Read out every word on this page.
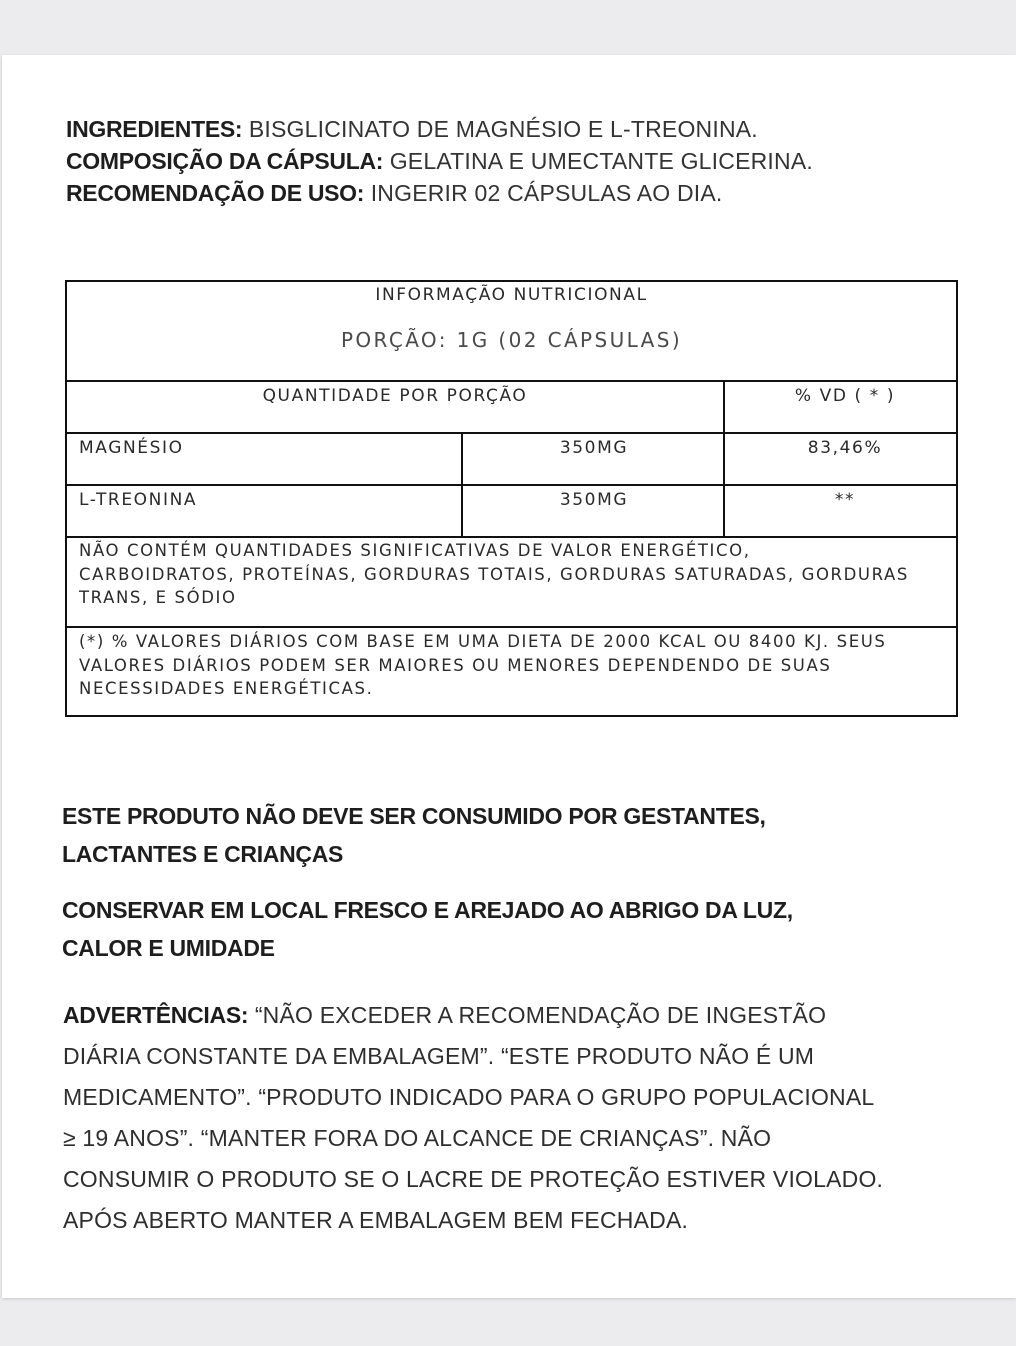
INGREDIENTES: BISGLICINATO DE MAGNÉSIO E L-TREONINA.
COMPOSIÇÃO DA CÁPSULA: GELATINA E UMECTANTE GLICERINA.
RECOMENDAÇÃO DE USO: INGERIR 02 CÁPSULAS AO DIA.
INFORMAÇÃO NUTRICIONAL
PORÇÃO: 1G (02 CÁPSULAS)
QUANTIDADE POR PORÇÃO	% VD ( * )
MAGNÉSIO	350MG	83,46%
L-TREONINA	350MG	**
NÃO CONTÉM QUANTIDADES SIGNIFICATIVAS DE VALOR ENERGÉTICO,
CARBOIDRATOS, PROTEÍNAS, GORDURAS TOTAIS, GORDURAS SATURADAS, GORDURAS
TRANS, E SÓDIO
(*) % VALORES DIÁRIOS COM BASE EM UMA DIETA DE 2000 KCAL OU 8400 KJ. SEUS
VALORES DIÁRIOS PODEM SER MAIORES OU MENORES DEPENDENDO DE SUAS
NECESSIDADES ENERGÉTICAS.
ESTE PRODUTO NÃO DEVE SER CONSUMIDO POR GESTANTES,
LACTANTES E CRIANÇAS
CONSERVAR EM LOCAL FRESCO E AREJADO AO ABRIGO DA LUZ,
CALOR E UMIDADE
ADVERTÊNCIAS: “NÃO EXCEDER A RECOMENDAÇÃO DE INGESTÃO
DIÁRIA CONSTANTE DA EMBALAGEM”. “ESTE PRODUTO NÃO É UM
MEDICAMENTO”. “PRODUTO INDICADO PARA O GRUPO POPULACIONAL
≥ 19 ANOS”. “MANTER FORA DO ALCANCE DE CRIANÇAS”. NÃO
CONSUMIR O PRODUTO SE O LACRE DE PROTEÇÃO ESTIVER VIOLADO.
APÓS ABERTO MANTER A EMBALAGEM BEM FECHADA.
